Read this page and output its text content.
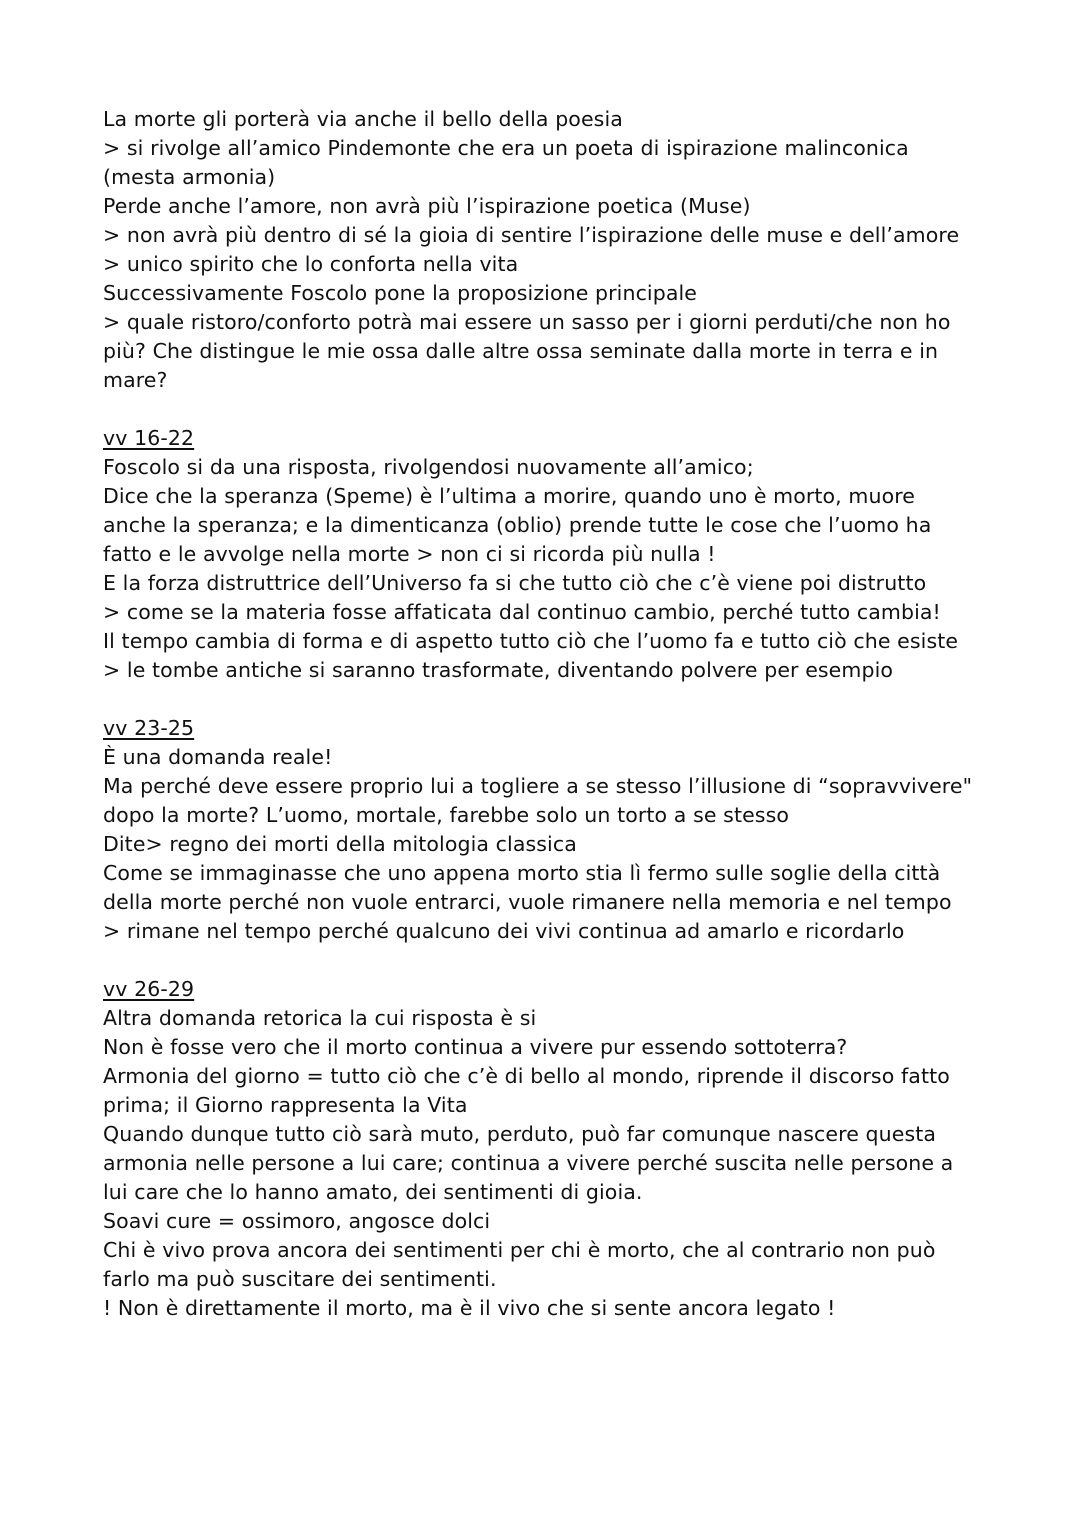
La morte gli porterà via anche il bello della poesia

> si rivolge all’amico Pindemonte che era un poeta di ispirazione malinconica

(mesta armonia)

Perde anche l’amore, non avrà più l’ispirazione poetica (Muse)

> non avrà più dentro di sé la gioia di sentire l’ispirazione delle muse e dell’amore

> unico spirito che lo conforta nella vita

Successivamente Foscolo pone la proposizione principale

> quale ristoro/conforto potrà mai essere un sasso per i giorni perduti/che non ho

più? Che distingue le mie ossa dalle altre ossa seminate dalla morte in terra e in

mare?

vv 16-22

Foscolo si da una risposta, rivolgendosi nuovamente all’amico;

Dice che la speranza (Speme) è l’ultima a morire, quando uno è morto, muore

anche la speranza; e la dimenticanza (oblio) prende tutte le cose che l’uomo ha

fatto e le avvolge nella morte > non ci si ricorda più nulla !

E la forza distruttrice dell’Universo fa si che tutto ciò che c’è viene poi distrutto

> come se la materia fosse affaticata dal continuo cambio, perché tutto cambia!

Il tempo cambia di forma e di aspetto tutto ciò che l’uomo fa e tutto ciò che esiste

> le tombe antiche si saranno trasformate, diventando polvere per esempio

vv 23-25

È una domanda reale!

Ma perché deve essere proprio lui a togliere a se stesso l’illusione di “sopravvivere"

dopo la morte? L’uomo, mortale, farebbe solo un torto a se stesso

Dite> regno dei morti della mitologia classica

Come se immaginasse che uno appena morto stia lì fermo sulle soglie della città

della morte perché non vuole entrarci, vuole rimanere nella memoria e nel tempo

> rimane nel tempo perché qualcuno dei vivi continua ad amarlo e ricordarlo

vv 26-29

Altra domanda retorica la cui risposta è si

Non è fosse vero che il morto continua a vivere pur essendo sottoterra?

Armonia del giorno = tutto ciò che c’è di bello al mondo, riprende il discorso fatto

prima; il Giorno rappresenta la Vita

Quando dunque tutto ciò sarà muto, perduto, può far comunque nascere questa

armonia nelle persone a lui care; continua a vivere perché suscita nelle persone a

lui care che lo hanno amato, dei sentimenti di gioia.

Soavi cure = ossimoro, angosce dolci

Chi è vivo prova ancora dei sentimenti per chi è morto, che al contrario non può

farlo ma può suscitare dei sentimenti.

! Non è direttamente il morto, ma è il vivo che si sente ancora legato !
